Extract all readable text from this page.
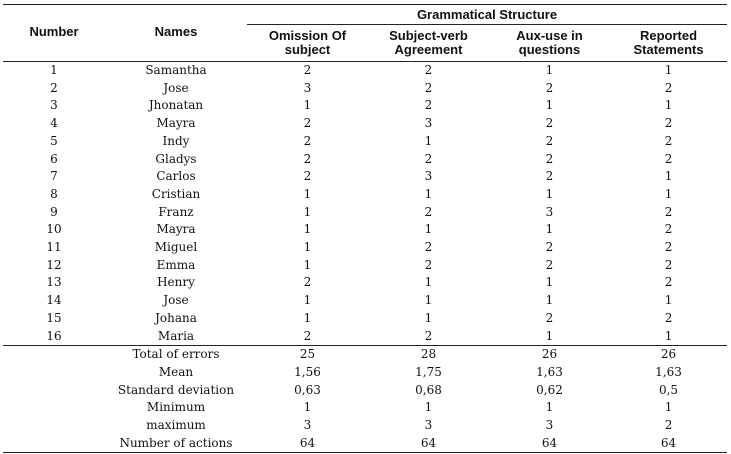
Number	Names	Grammatical Structure			
		Omission Of subject	Subject-verb Agreement	Aux-use in questions	Reported Statements
1	Samantha	2	2	1	1
2	Jose	3	2	2	2
3	Jhonatan	1	2	1	1
4	Mayra	2	3	2	2
5	Indy	2	1	2	2
6	Gladys	2	2	2	2
7	Carlos	2	3	2	1
8	Cristian	1	1	1	1
9	Franz	1	2	3	2
10	Mayra	1	1	1	2
11	Miguel	1	2	2	2
12	Emma	1	2	2	2
13	Henry	2	1	1	2
14	Jose	1	1	1	1
15	Johana	1	1	2	2
16	Maria	2	2	1	1
	Total of errors	25	28	26	26
	Mean	1,56	1,75	1,63	1,63
	Standard deviation	0,63	0,68	0,62	0,5
	Minimum	1	1	1	1
	maximum	3	3	3	2
	Number of actions	64	64	64	64
